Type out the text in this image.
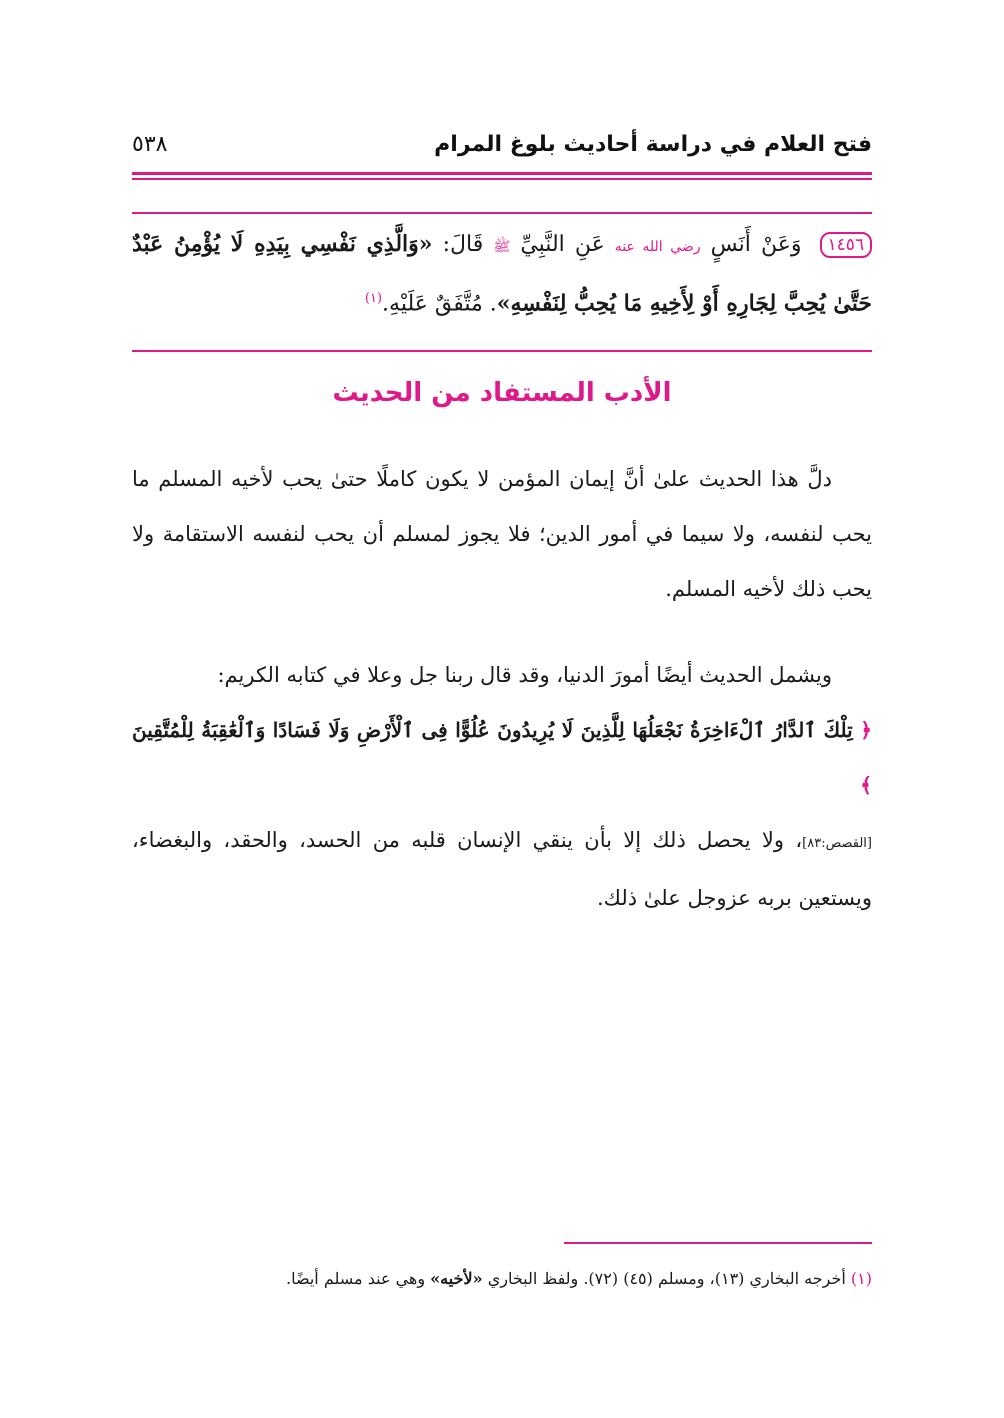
فتح العلام في دراسة أحاديث بلوغ المرام
٥٣٨
١٤٥٦ وَعَنْ أَنَسٍ رضي الله عنه عَنِ النَّبِيِّ ﷺ قَالَ: «وَالَّذِي نَفْسِي بِيَدِهِ لَا يُؤْمِنُ عَبْدٌ حَتَّىٰ يُحِبَّ لِجَارِهِ أَوْ لِأَخِيهِ مَا يُحِبُّ لِنَفْسِهِ». مُتَّفَقٌ عَلَيْهِ.$^{(١)}$
الأدب المستفاد من الحديث

دلَّ هذا الحديث علىٰ أنَّ إيمان المؤمن لا يكون كاملًا حتىٰ يحب لأخيه المسلم ما يحب لنفسه، ولا سيما في أمور الدين؛ فلا يجوز لمسلم أن يحب لنفسه الاستقامة ولا يحب ذلك لأخيه المسلم.

ويشمل الحديث أيضًا أمورَ الدنيا، وقد قال ربنا جل وعلا في كتابه الكريم:

﴿ تِلْكَ ٱلدَّارُ ٱلْءَاخِرَةُ نَجْعَلُهَا لِلَّذِينَ لَا يُرِيدُونَ عُلُوًّا فِى ٱلْأَرْضِ وَلَا فَسَادًا وَٱلْعَٰقِبَةُ لِلْمُتَّقِينَ ﴾
[القصص:٨٣]، ولا يحصل ذلك إلا بأن ينقي الإنسان قلبه من الحسد، والحقد، والبغضاء، ويستعين بربه عزوجل علىٰ ذلك.
(١) أخرجه البخاري (١٣)، ومسلم (٤٥) (٧٢). ولفظ البخاري «لأخيه» وهي عند مسلم أيضًا.
